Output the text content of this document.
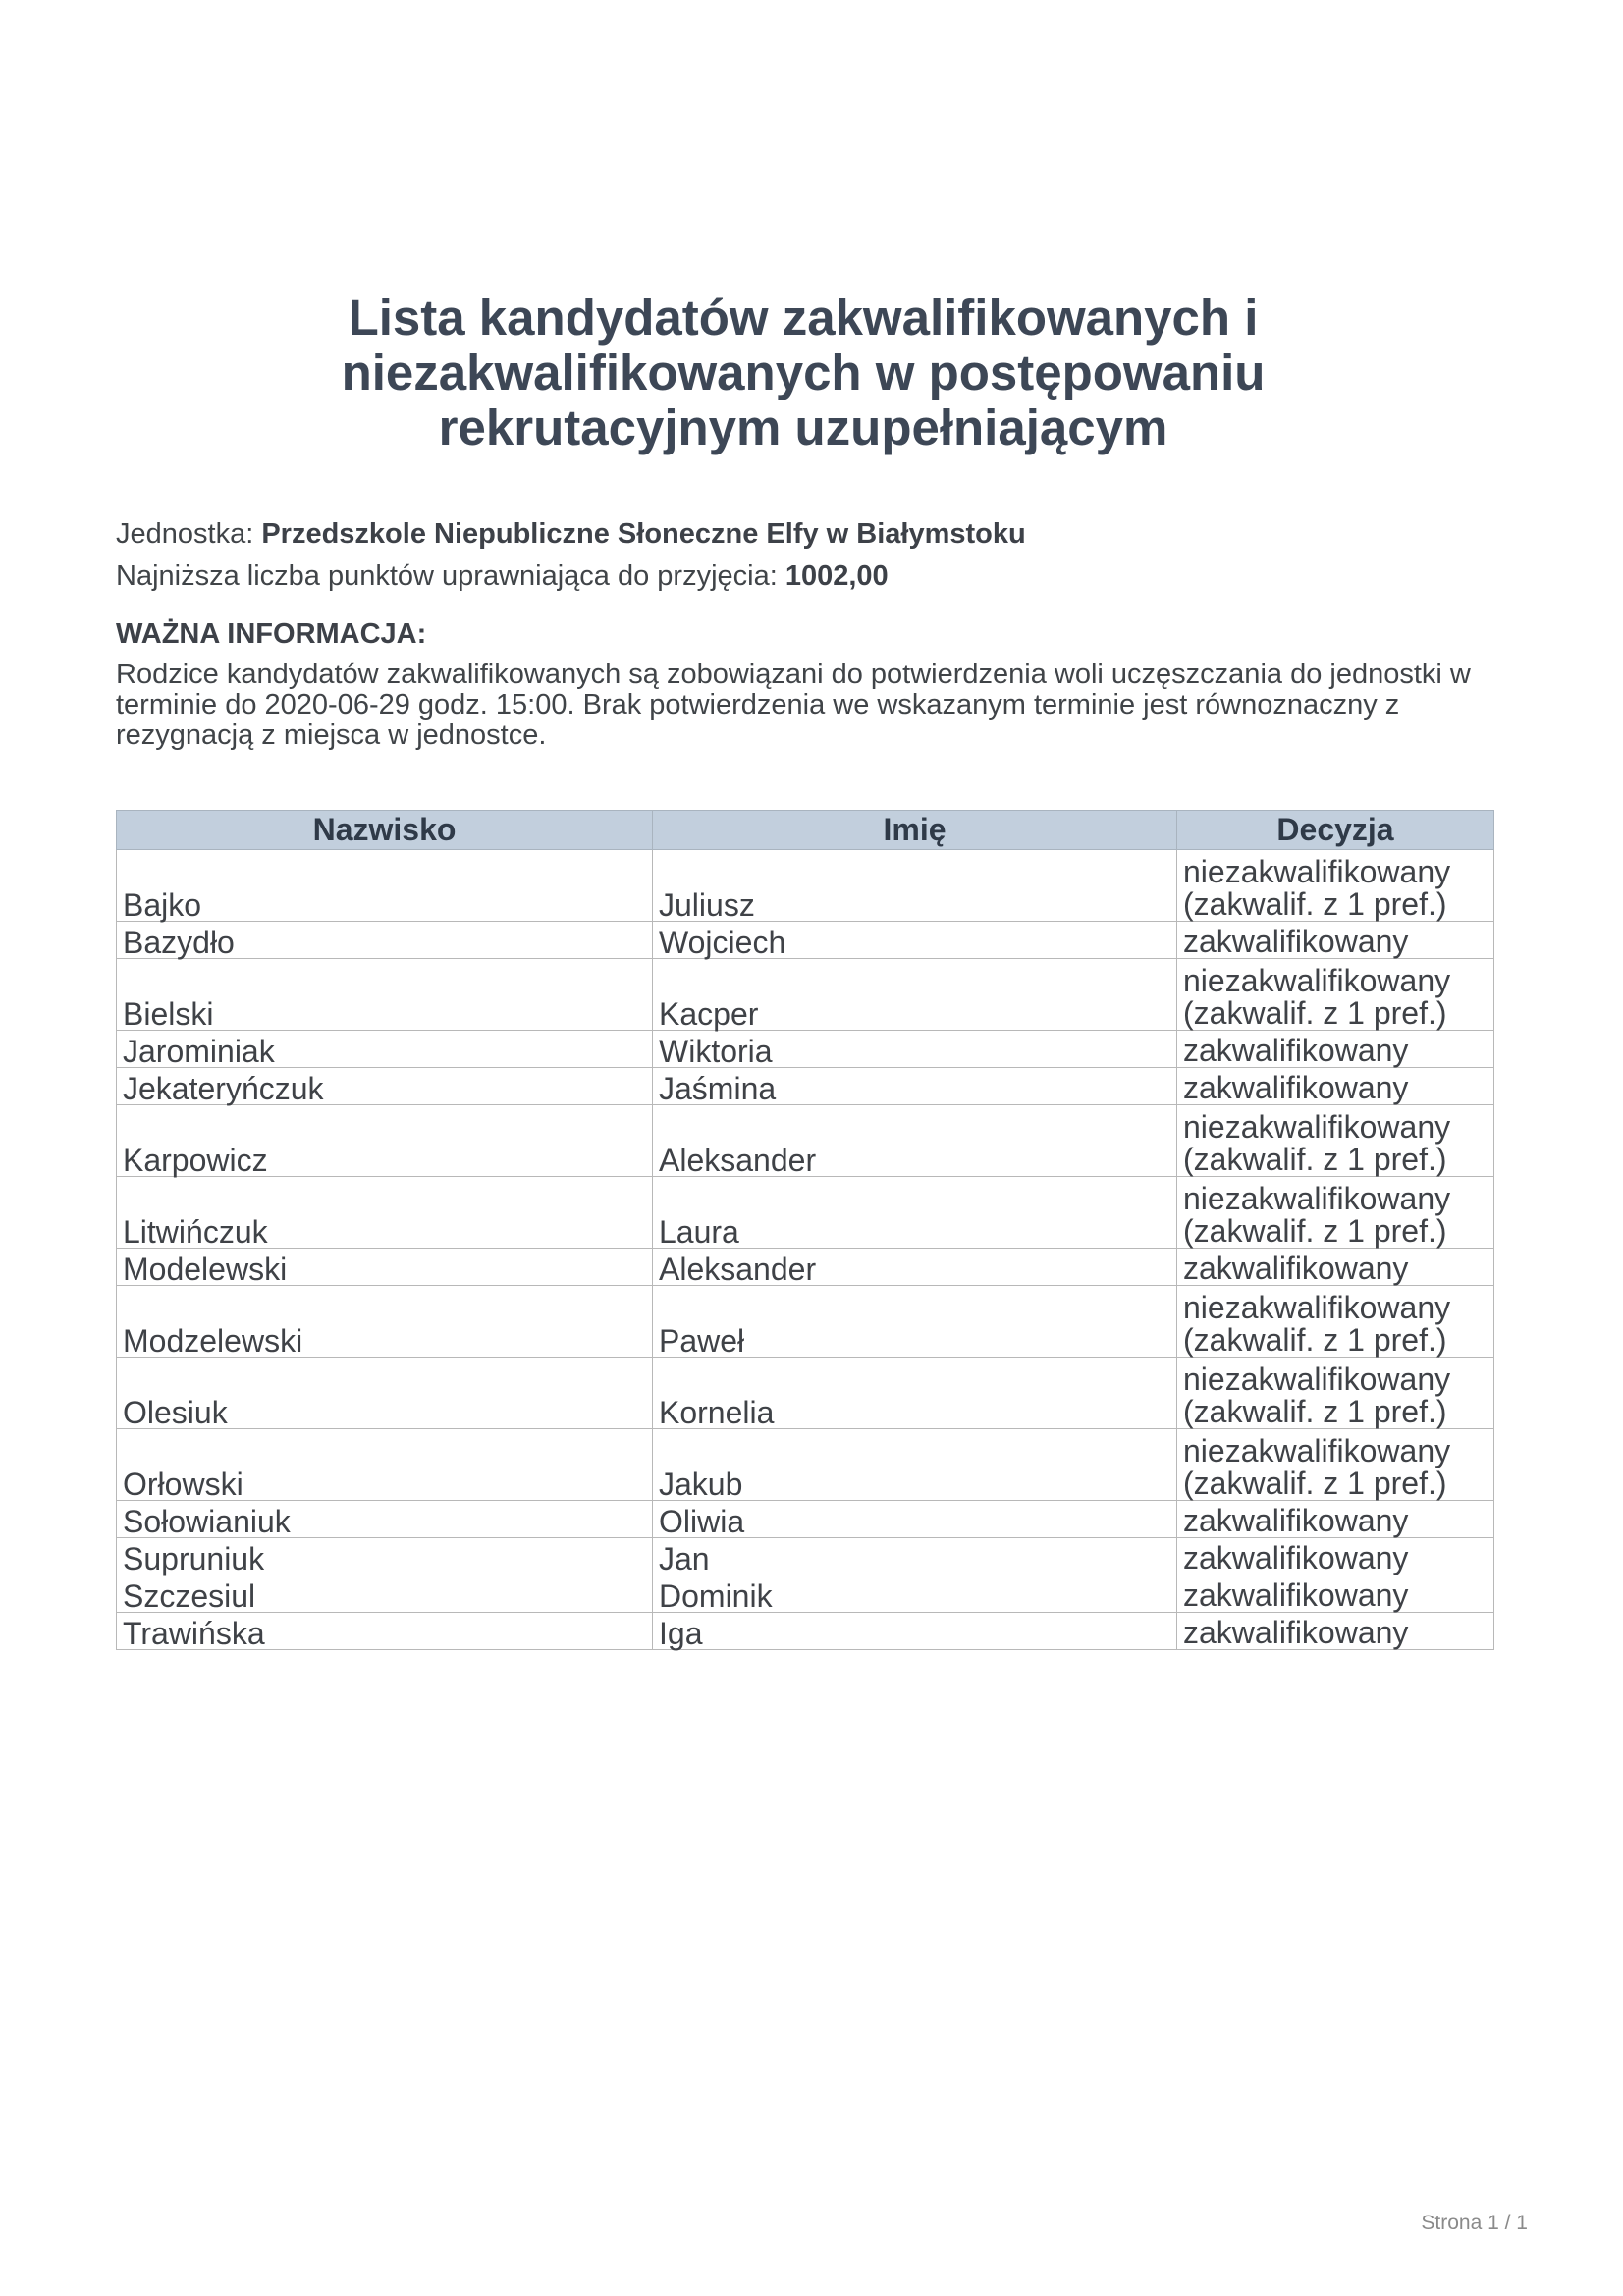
Lista kandydatów zakwalifikowanych i
niezakwalifikowanych w postępowaniu
rekrutacyjnym uzupełniającym
Jednostka: Przedszkole Niepubliczne Słoneczne Elfy w Białymstoku
Najniższa liczba punktów uprawniająca do przyjęcia: 1002,00

WAŻNA INFORMACJA:

Rodzice kandydatów zakwalifikowanych są zobowiązani do potwierdzenia woli uczęszczania do jednostki w terminie do 2020-06-29 godz. 15:00. Brak potwierdzenia we wskazanym terminie jest równoznaczny z rezygnacją z miejsca w jednostce.

Nazwisko	Imię	Decyzja
Bajko	Juliusz	niezakwalifikowany
(zakwalif. z 1 pref.)

Bazydło	Wojciech	zakwalifikowany

Bielski	Kacper	niezakwalifikowany
(zakwalif. z 1 pref.)

Jarominiak	Wiktoria	zakwalifikowany

Jekateryńczuk	Jaśmina	zakwalifikowany

Karpowicz	Aleksander	niezakwalifikowany
(zakwalif. z 1 pref.)

Litwińczuk	Laura	niezakwalifikowany
(zakwalif. z 1 pref.)

Modelewski	Aleksander	zakwalifikowany

Modzelewski	Paweł	niezakwalifikowany
(zakwalif. z 1 pref.)

Olesiuk	Kornelia	niezakwalifikowany
(zakwalif. z 1 pref.)

Orłowski	Jakub	niezakwalifikowany
(zakwalif. z 1 pref.)

Sołowianiuk	Oliwia	zakwalifikowany

Supruniuk	Jan	zakwalifikowany

Szczesiul	Dominik	zakwalifikowany

Trawińska	Iga	zakwalifikowany
Strona 1 / 1
